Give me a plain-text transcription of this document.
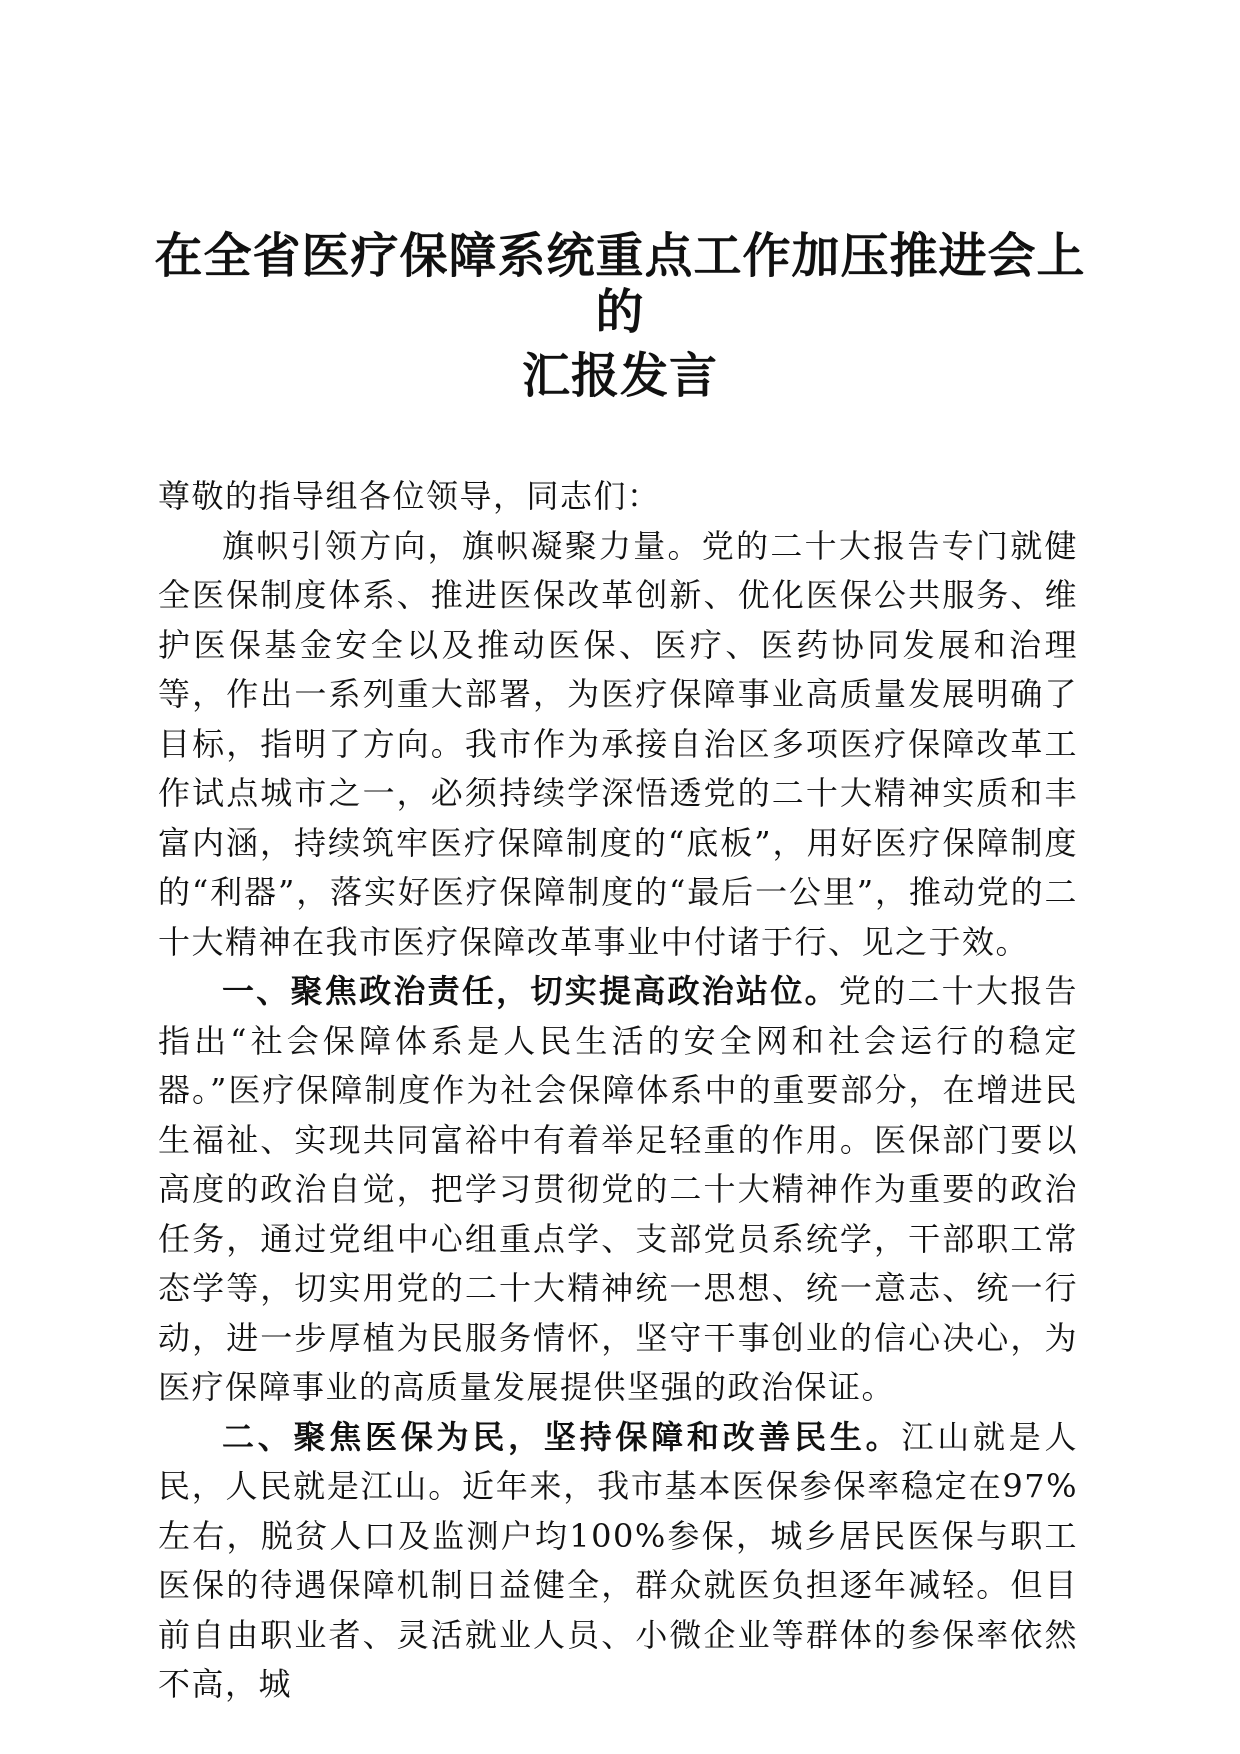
在全省医疗保障系统重点工作加压推进会上的
汇报发言

尊敬的指导组各位领导，同志们：

旗帜引领方向，旗帜凝聚力量。党的二十大报告专门就健全医保制度体系、推进医保改革创新、优化医保公共服务、维护医保基金安全以及推动医保、医疗、医药协同发展和治理等，作出一系列重大部署，为医疗保障事业高质量发展明确了目标，指明了方向。我市作为承接自治区多项医疗保障改革工作试点城市之一，必须持续学深悟透党的二十大精神实质和丰富内涵，持续筑牢医疗保障制度的“底板”，用好医疗保障制度的“利器”，落实好医疗保障制度的“最后一公里”，推动党的二十大精神在我市医疗保障改革事业中付诸于行、见之于效。

一、聚焦政治责任，切实提高政治站位。党的二十大报告指出“社会保障体系是人民生活的安全网和社会运行的稳定器。”医疗保障制度作为社会保障体系中的重要部分，在增进民生福祉、实现共同富裕中有着举足轻重的作用。医保部门要以高度的政治自觉，把学习贯彻党的二十大精神作为重要的政治任务，通过党组中心组重点学、支部党员系统学，干部职工常态学等，切实用党的二十大精神统一思想、统一意志、统一行动，进一步厚植为民服务情怀，坚守干事创业的信心决心，为医疗保障事业的高质量发展提供坚强的政治保证。

二、聚焦医保为民，坚持保障和改善民生。江山就是人民，人民就是江山。近年来，我市基本医保参保率稳定在97%左右，脱贫人口及监测户均100%参保，城乡居民医保与职工医保的待遇保障机制日益健全，群众就医负担逐年减轻。但目前自由职业者、灵活就业人员、小微企业等群体的参保率依然不高，城
